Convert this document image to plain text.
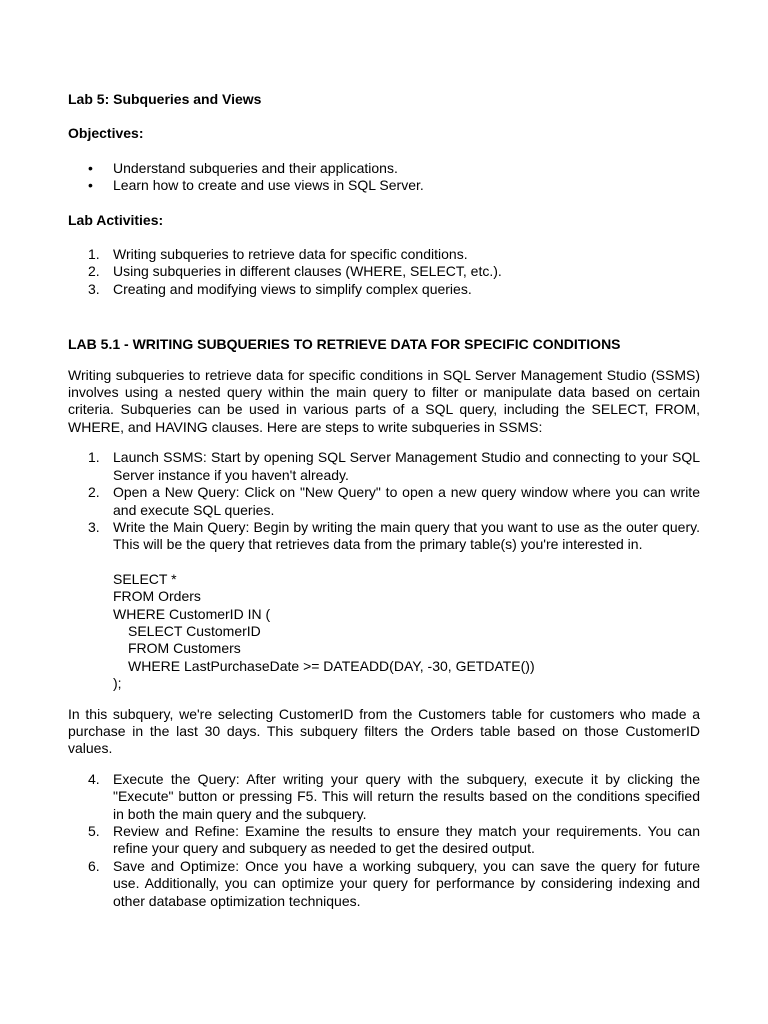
Lab 5: Subqueries and Views
Objectives:
• Understand subqueries and their applications.
• Learn how to create and use views in SQL Server.
Lab Activities:
1. Writing subqueries to retrieve data for specific conditions.
2. Using subqueries in different clauses (WHERE, SELECT, etc.).
3. Creating and modifying views to simplify complex queries.
LAB 5.1 - WRITING SUBQUERIES TO RETRIEVE DATA FOR SPECIFIC CONDITIONS
Writing subqueries to retrieve data for specific conditions in SQL Server Management Studio (SSMS) involves using a nested query within the main query to filter or manipulate data based on certain criteria. Subqueries can be used in various parts of a SQL query, including the SELECT, FROM, WHERE, and HAVING clauses. Here are steps to write subqueries in SSMS:
1. Launch SSMS: Start by opening SQL Server Management Studio and connecting to your SQL Server instance if you haven't already.
2. Open a New Query: Click on "New Query" to open a new query window where you can write and execute SQL queries.
3. Write the Main Query: Begin by writing the main query that you want to use as the outer query. This will be the query that retrieves data from the primary table(s) you're interested in.
SELECT *
FROM Orders
WHERE CustomerID IN (
SELECT CustomerID
FROM Customers
WHERE LastPurchaseDate >= DATEADD(DAY, -30, GETDATE())
);
In this subquery, we're selecting CustomerID from the Customers table for customers who made a purchase in the last 30 days. This subquery filters the Orders table based on those CustomerID values.
4. Execute the Query: After writing your query with the subquery, execute it by clicking the "Execute" button or pressing F5. This will return the results based on the conditions specified in both the main query and the subquery.
5. Review and Refine: Examine the results to ensure they match your requirements. You can refine your query and subquery as needed to get the desired output.
6. Save and Optimize: Once you have a working subquery, you can save the query for future use. Additionally, you can optimize your query for performance by considering indexing and other database optimization techniques.
